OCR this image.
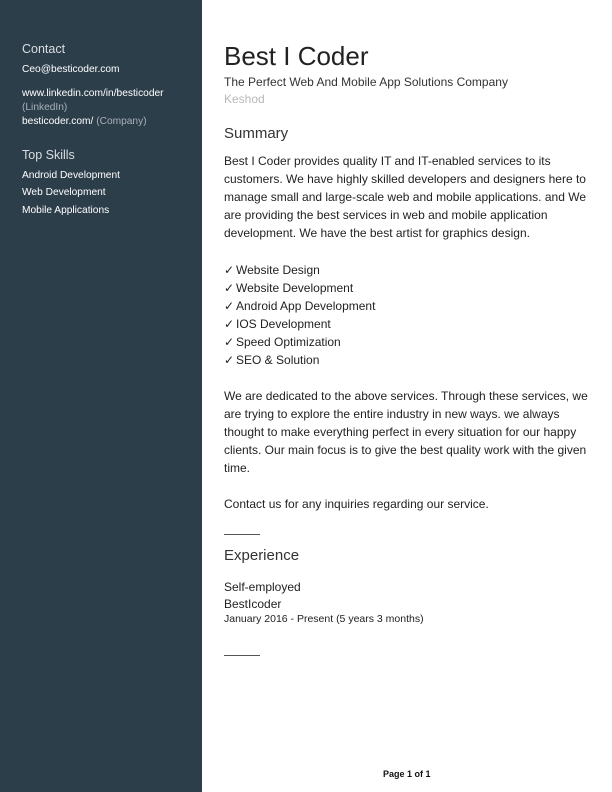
Contact
Ceo@besticoder.com
www.linkedin.com/in/besticoder
(LinkedIn)
besticoder.com/ (Company)
Top Skills
Android Development
Web Development
Mobile Applications
Best I Coder
The Perfect Web And Mobile App Solutions Company
Keshod
Summary
Best I Coder provides quality IT and IT-enabled services to its customers. We have highly skilled developers and designers here to manage small and large-scale web and mobile applications. and We are providing the best services in web and mobile application development. We have the best artist for graphics design.
✓ Website Design
✓ Website Development
✓ Android App Development
✓ IOS Development
✓ Speed Optimization
✓ SEO & Solution
We are dedicated to the above services. Through these services, we are trying to explore the entire industry in new ways. we always thought to make everything perfect in every situation for our happy clients. Our main focus is to give the best quality work with the given time.
Contact us for any inquiries regarding our service.
Experience
Self-employed
BestIcoder
January 2016 - Present (5 years 3 months)
Page 1 of 1
